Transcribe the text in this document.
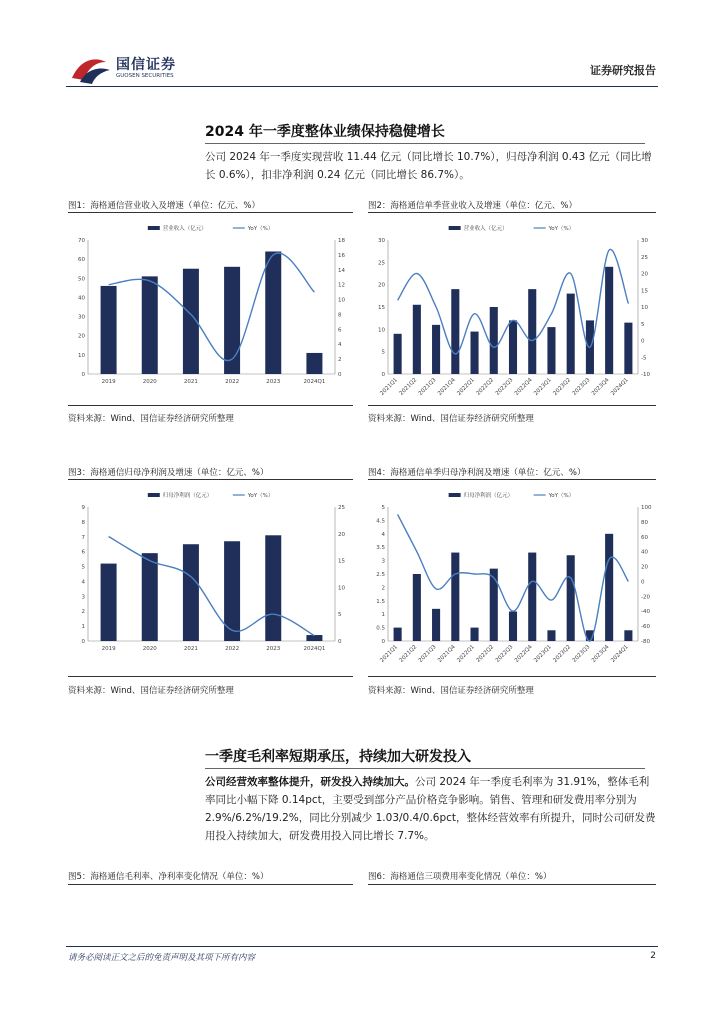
国信证券
GUOSEN SECURITIES	证券研究报告
2024 年一季度整体业绩保持稳健增长
公司 2024 年一季度实现营收 11.44 亿元（同比增长 10.7%），归母净利润 0.43 亿元（同比增长 0.6%），扣非净利润 0.24 亿元（同比增长 86.7%）。
图1：海格通信营业收入及增速（单位：亿元、%）	图2：海格通信单季营业收入及增速（单位：亿元、%）
营业收入（亿元）	YoY（%）
0
10
20
30
40
50
60
70
0
2
4
6
8
10
12
14
16
18
2019	2020	2021	2022	2023	2024Q1
营业收入（亿元）	YoY（%）
0
5
10
15
20
25
30
-10
-5
0
5
10
15
20
25
30
2021Q1 2021Q2 2021Q3 2021Q4 2022Q1 2022Q2 2022Q3 2022Q4 2023Q1 2023Q2 2023Q3 2023Q4 2024Q1
资料来源：Wind、国信证券经济研究所整理	资料来源：Wind、国信证券经济研究所整理
图3：海格通信归母净利润及增速（单位：亿元、%）	图4：海格通信单季归母净利润及增速（单位：亿元、%）
归母净利润（亿元）	YoY（%）
0
1
2
3
4
5
6
7
8
9
0
5
10
15
20
25
2019	2020	2021	2022	2023	2024Q1
归母净利润（亿元）	YoY（%）
0
0.5
1
1.5
2
2.5
3
3.5
4
4.5
5
-80
-60
-40
-20
0
20
40
60
80
100
2021Q1 2021Q2 2021Q3 2021Q4 2022Q1 2022Q2 2022Q3 2022Q4 2023Q1 2023Q2 2023Q3 2023Q4 2024Q1
资料来源：Wind、国信证券经济研究所整理	资料来源：Wind、国信证券经济研究所整理
一季度毛利率短期承压，持续加大研发投入
公司经营效率整体提升，研发投入持续加大。公司 2024 年一季度毛利率为 31.91%，整体毛利率同比小幅下降 0.14pct，主要受到部分产品价格竞争影响。销售、管理和研发费用率分别为 2.9%/6.2%/19.2%，同比分别减少 1.03/0.4/0.6pct，整体经营效率有所提升，同时公司研发费用投入持续加大，研发费用投入同比增长 7.7%。
图5：海格通信毛利率、净利率变化情况（单位：%）	图6：海格通信三项费用率变化情况（单位：%）
请务必阅读正文之后的免责声明及其项下所有内容	2
